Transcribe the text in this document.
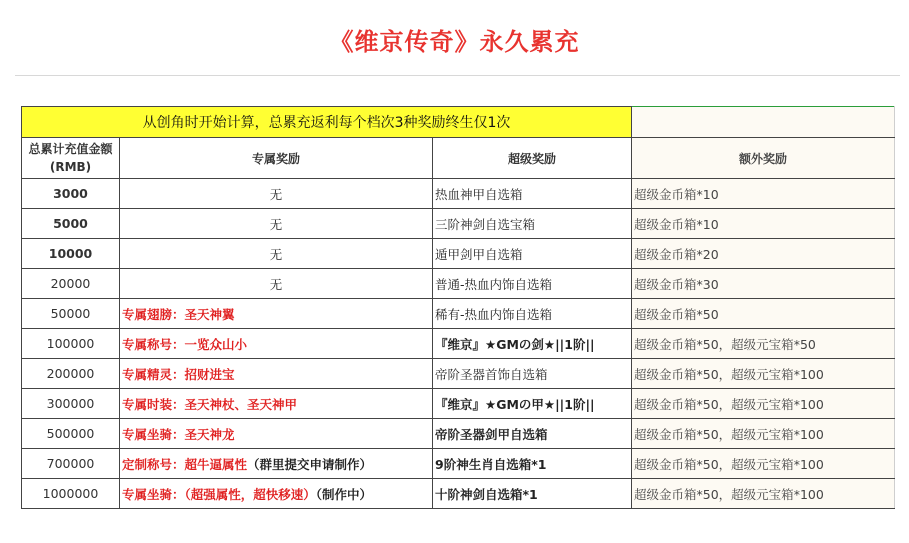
《维京传奇》永久累充
从创角时开始计算，总累充返利每个档次3种奖励终生仅1次			
总累计充值金额
(RMB)	专属奖励	超级奖励	额外奖励
3000	无	热血神甲自选箱	超级金币箱*10
5000	无	三阶神剑自选宝箱	超级金币箱*10
10000	无	遁甲剑甲自选箱	超级金币箱*20
20000	无	普通-热血内饰自选箱	超级金币箱*30
50000	专属翅膀：圣天神翼	稀有-热血内饰自选箱	超级金币箱*50
100000	专属称号：一览众山小	『维京』★GMの剑★||1阶||	超级金币箱*50，超级元宝箱*50
200000	专属精灵：招财进宝	帝阶圣器首饰自选箱	超级金币箱*50，超级元宝箱*100
300000	专属时装：圣天神杖、圣天神甲	『维京』★GMの甲★||1阶||	超级金币箱*50，超级元宝箱*100
500000	专属坐骑：圣天神龙	帝阶圣器剑甲自选箱	超级金币箱*50，超级元宝箱*100
700000	定制称号：超牛逼属性（群里提交申请制作）	9阶神生肖自选箱*1	超级金币箱*50，超级元宝箱*100
1000000	专属坐骑：（超强属性，超快移速）（制作中）	十阶神剑自选箱*1	超级金币箱*50，超级元宝箱*100
